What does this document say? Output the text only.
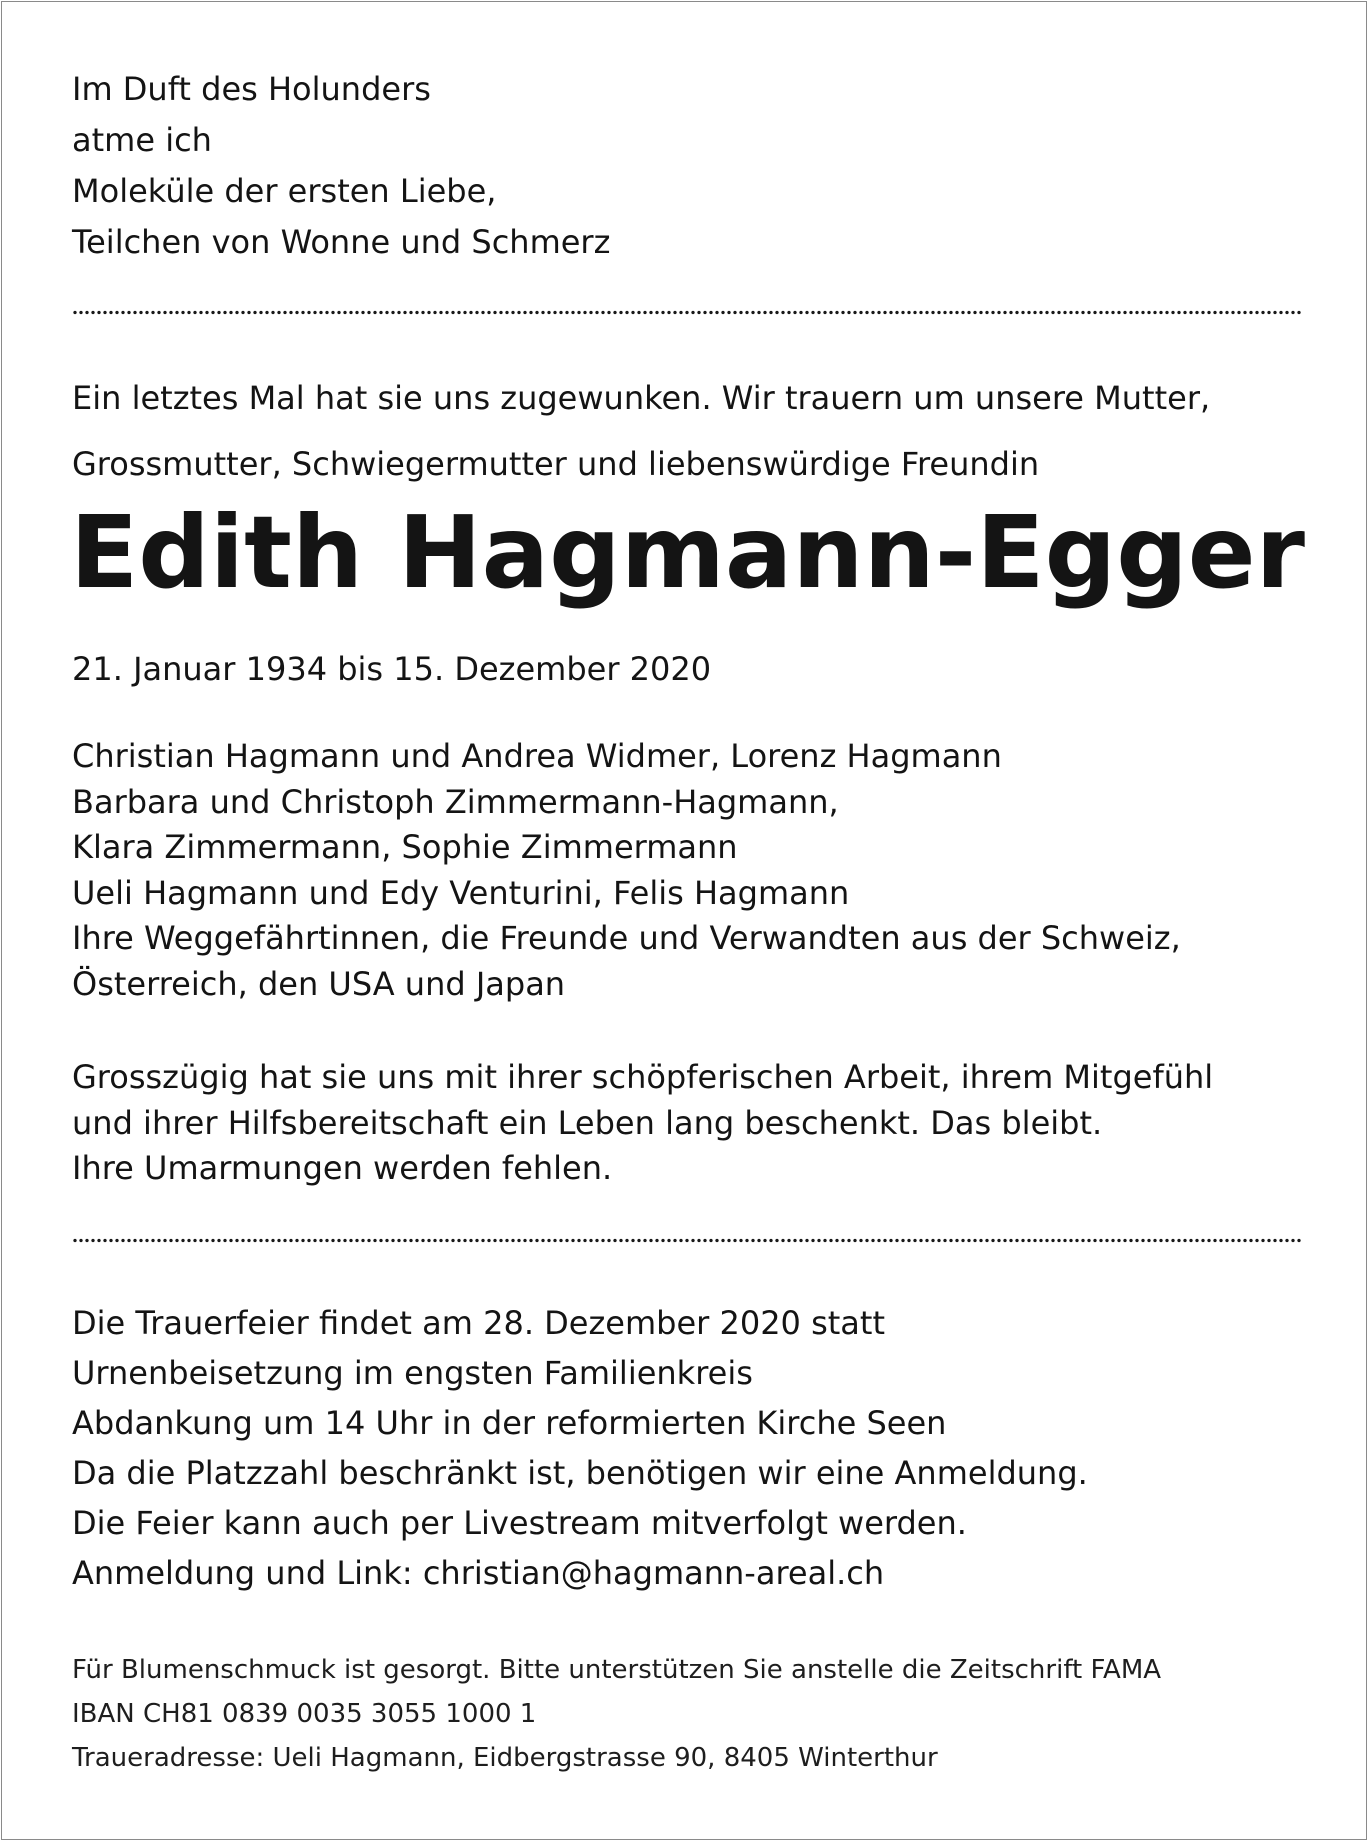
Im Duft des Holunders
atme ich
Moleküle der ersten Liebe,
Teilchen von Wonne und Schmerz
Ein letztes Mal hat sie uns zugewunken. Wir trauern um unsere Mutter,
Grossmutter, Schwiegermutter und liebenswürdige Freundin
Edith Hagmann-Egger
21. Januar 1934 bis 15. Dezember 2020
Christian Hagmann und Andrea Widmer, Lorenz Hagmann
Barbara und Christoph Zimmermann-Hagmann,
Klara Zimmermann, Sophie Zimmermann
Ueli Hagmann und Edy Venturini, Felis Hagmann
Ihre Weggefährtinnen, die Freunde und Verwandten aus der Schweiz,
Österreich, den USA und Japan
Grosszügig hat sie uns mit ihrer schöpferischen Arbeit, ihrem Mitgefühl
und ihrer Hilfsbereitschaft ein Leben lang beschenkt. Das bleibt.
Ihre Umarmungen werden fehlen.
Die Trauerfeier findet am 28. Dezember 2020 statt
Urnenbeisetzung im engsten Familienkreis
Abdankung um 14 Uhr in der reformierten Kirche Seen
Da die Platzzahl beschränkt ist, benötigen wir eine Anmeldung.
Die Feier kann auch per Livestream mitverfolgt werden.
Anmeldung und Link: christian@hagmann-areal.ch
Für Blumenschmuck ist gesorgt. Bitte unterstützen Sie anstelle die Zeitschrift FAMA
IBAN CH81 0839 0035 3055 1000 1
Traueradresse: Ueli Hagmann, Eidbergstrasse 90, 8405 Winterthur
